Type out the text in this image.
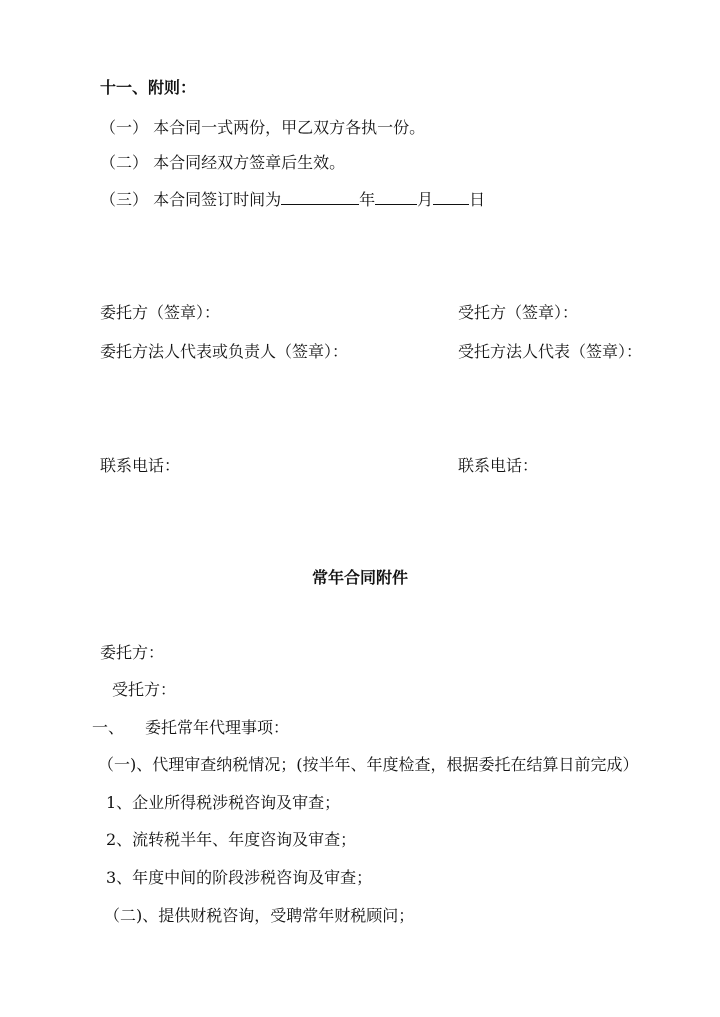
十一、附则：
（一） 本合同一式两份，甲乙双方各执一份。
（二） 本合同经双方签章后生效。
（三） 本合同签订时间为	年	月 日
委托方（签章）：	受托方（签章）：
委托方法人代表或负责人（签章）：	受托方法人代表（签章）：
联系电话：	联系电话：
常年合同附件
委托方：
受托方：
一、 委托常年代理事项：
（一)、代理审查纳税情况；(按半年、年度检查，根据委托在结算日前完成）
1、企业所得税涉税咨询及审查；
2、流转税半年、年度咨询及审查；
3、年度中间的阶段涉税咨询及审查；
（二)、提供财税咨询，受聘常年财税顾问；
